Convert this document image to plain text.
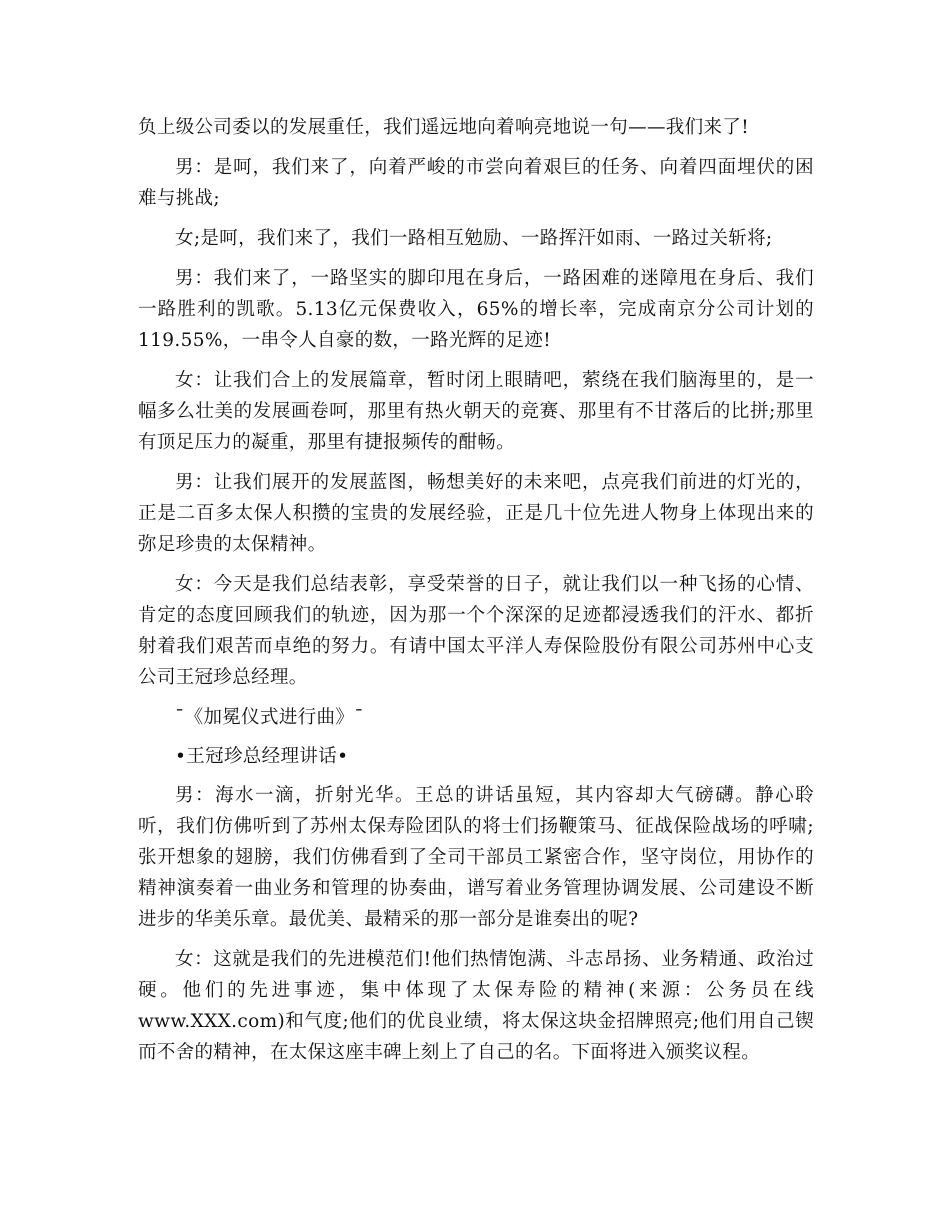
负上级公司委以的发展重任，我们遥远地向着响亮地说一句——我们来了!

男：是呵，我们来了，向着严峻的市尝向着艰巨的任务、向着四面埋伏的困难与挑战;

女;是呵，我们来了，我们一路相互勉励、一路挥汗如雨、一路过关斩将;

男：我们来了，一路坚实的脚印甩在身后，一路困难的迷障甩在身后、我们一路胜利的凯歌。5.13亿元保费收入，65%的增长率，完成南京分公司计划的119.55%，一串令人自豪的数，一路光辉的足迹!

女：让我们合上的发展篇章，暂时闭上眼睛吧，萦绕在我们脑海里的，是一幅多么壮美的发展画卷呵，那里有热火朝天的竞赛、那里有不甘落后的比拼;那里有顶足压力的凝重，那里有捷报频传的酣畅。

男：让我们展开的发展蓝图，畅想美好的未来吧，点亮我们前进的灯光的，正是二百多太保人积攒的宝贵的发展经验，正是几十位先进人物身上体现出来的弥足珍贵的太保精神。

女：今天是我们总结表彰，享受荣誉的日子，就让我们以一种飞扬的心情、肯定的态度回顾我们的轨迹，因为那一个个深深的足迹都浸透我们的汗水、都折射着我们艰苦而卓绝的努力。有请中国太平洋人寿保险股份有限公司苏州中心支公司王冠珍总经理。

¯《加冕仪式进行曲》¯

•王冠珍总经理讲话•

男：海水一滴，折射光华。王总的讲话虽短，其内容却大气磅礴。静心聆听，我们仿佛听到了苏州太保寿险团队的将士们扬鞭策马、征战保险战场的呼啸;张开想象的翅膀，我们仿佛看到了全司干部员工紧密合作，坚守岗位，用协作的精神演奏着一曲业务和管理的协奏曲，谱写着业务管理协调发展、公司建设不断进步的华美乐章。最优美、最精采的那一部分是谁奏出的呢?

女：这就是我们的先进模范们!他们热情饱满、斗志昂扬、业务精通、政治过硬。他们的先进事迹，集中体现了太保寿险的精神(来源：公务员在线www.XXX.com)和气度;他们的优良业绩，将太保这块金招牌照亮;他们用自己锲而不舍的精神，在太保这座丰碑上刻上了自己的名。下面将进入颁奖议程。
